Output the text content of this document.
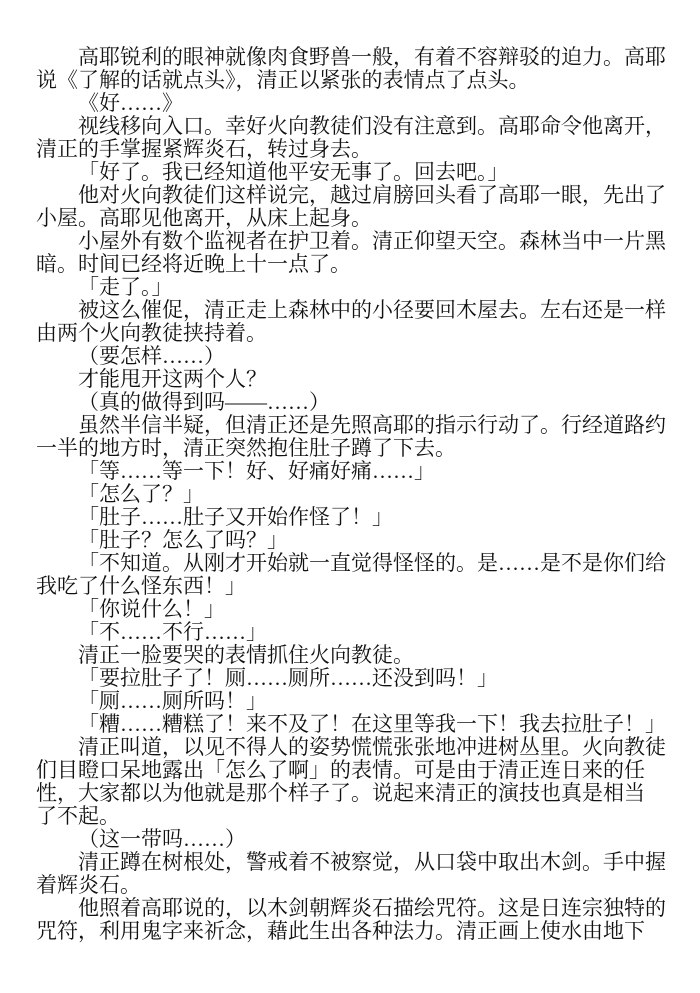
高耶锐利的眼神就像肉食野兽一般，有着不容辩驳的迫力。高耶
说《了解的话就点头》，清正以紧张的表情点了点头。
《好……》
视线移向入口。幸好火向教徒们没有注意到。高耶命令他离开，
清正的手掌握紧辉炎石，转过身去。
「好了。我已经知道他平安无事了。回去吧。」
他对火向教徒们这样说完，越过肩膀回头看了高耶一眼，先出了
小屋。高耶见他离开，从床上起身。
小屋外有数个监视者在护卫着。清正仰望天空。森林当中一片黑
暗。时间已经将近晚上十一点了。
「走了。」
被这么催促，清正走上森林中的小径要回木屋去。左右还是一样
由两个火向教徒挟持着。
（要怎样……）
才能甩开这两个人？
（真的做得到吗——……）
虽然半信半疑，但清正还是先照高耶的指示行动了。行经道路约
一半的地方时，清正突然抱住肚子蹲了下去。
「等……等一下！好、好痛好痛……」
「怎么了？」
「肚子……肚子又开始作怪了！」
「肚子？怎么了吗？」
「不知道。从刚才开始就一直觉得怪怪的。是……是不是你们给
我吃了什么怪东西！」
「你说什么！」
「不……不行……」
清正一脸要哭的表情抓住火向教徒。
「要拉肚子了！厕……厕所……还没到吗！」
「厕……厕所吗！」
「糟……糟糕了！来不及了！在这里等我一下！我去拉肚子！」
清正叫道，以见不得人的姿势慌慌张张地冲进树丛里。火向教徒
们目瞪口呆地露出「怎么了啊」的表情。可是由于清正连日来的任
性，大家都以为他就是那个样子了。说起来清正的演技也真是相当
了不起。
（这一带吗……）
清正蹲在树根处，警戒着不被察觉，从口袋中取出木剑。手中握
着辉炎石。
他照着高耶说的，以木剑朝辉炎石描绘咒符。这是日连宗独特的
咒符，利用鬼字来祈念，藉此生出各种法力。清正画上使水由地下
